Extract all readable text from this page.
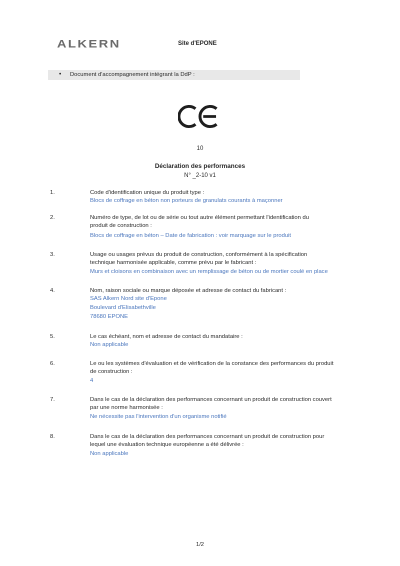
ALKERN	Site d'EPONE
• Document d'accompagnement intégrant la DdP :
10
Déclaration des performances
N° _2-10 v1
1.	Code d'identification unique du produit type :
Blocs de coffrage en béton non porteurs de granulats courants à maçonner
2.	Numéro de type, de lot ou de série ou tout autre élément permettant l'identification du
produit de construction :
Blocs de coffrage en béton – Date de fabrication : voir marquage sur le produit
3.	Usage ou usages prévus du produit de construction, conformément à la spécification
technique harmonisée applicable, comme prévu par le fabricant :
Murs et cloisons en combinaison avec un remplissage de béton ou de mortier coulé en place
4.	Nom, raison sociale ou marque déposée et adresse de contact du fabricant :
SAS Alkern Nord site d'Epone
Boulevard d'Elisabethville
78680 EPONE
5.	Le cas échéant, nom et adresse de contact du mandataire :
Non applicable
6.	Le ou les systèmes d'évaluation et de vérification de la constance des performances du produit
de construction :
4
7.	Dans le cas de la déclaration des performances concernant un produit de construction couvert
par une norme harmonisée :
Ne nécessite pas l'intervention d'un organisme notifié
8.	Dans le cas de la déclaration des performances concernant un produit de construction pour
lequel une évaluation technique européenne a été délivrée :
Non applicable
1/2
